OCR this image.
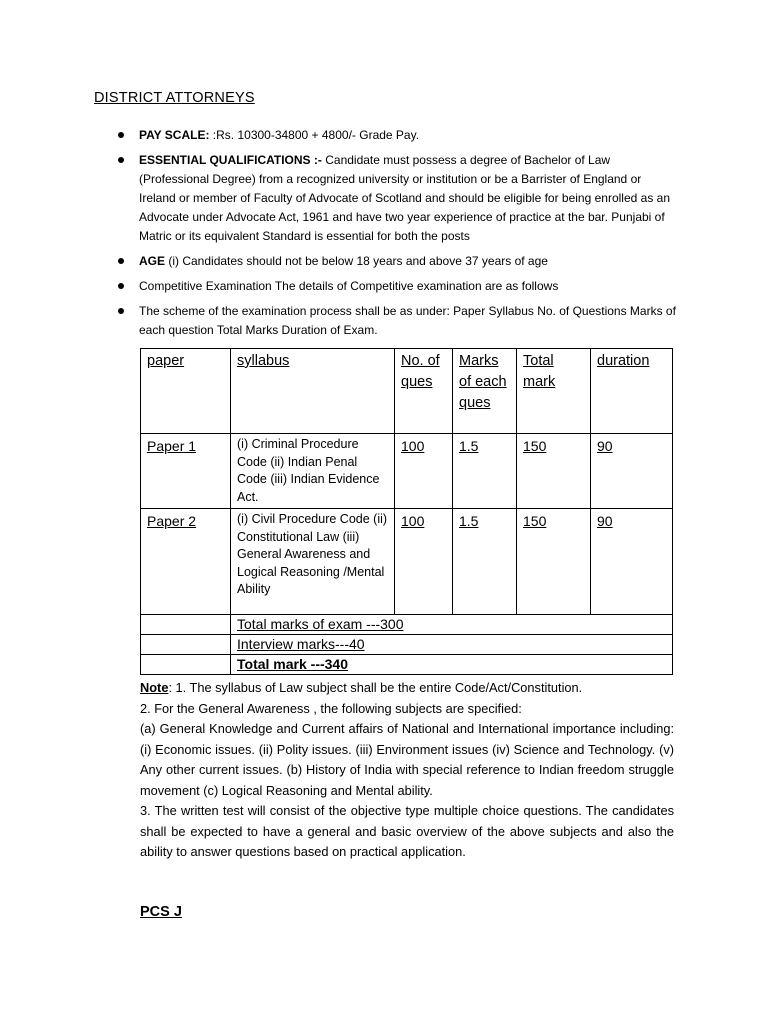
DISTRICT ATTORNEYS
PAY SCALE: :Rs. 10300-34800 + 4800/- Grade Pay.
ESSENTIAL QUALIFICATIONS :- Candidate must possess a degree of Bachelor of Law (Professional Degree) from a recognized university or institution or be a Barrister of England or Ireland or member of Faculty of Advocate of Scotland and should be eligible for being enrolled as an Advocate under Advocate Act, 1961 and have two year experience of practice at the bar. Punjabi of Matric or its equivalent Standard is essential for both the posts
AGE (i) Candidates should not be below 18 years and above 37 years of age
Competitive Examination The details of Competitive examination are as follows
The scheme of the examination process shall be as under: Paper Syllabus No. of Questions Marks of each question Total Marks Duration of Exam.
paper	syllabus	No. of ques	Marks of each ques	Total mark	duration
Paper 1	(i) Criminal Procedure Code (ii) Indian Penal Code (iii) Indian Evidence Act.	100	1.5	150	90
Paper 2	(i) Civil Procedure Code (ii) Constitutional Law (iii) General Awareness and Logical Reasoning /Mental Ability	100	1.5	150	90
	Total marks of exam ---300				
	Interview marks---40				
	Total mark ---340				

Note: 1. The syllabus of Law subject shall be the entire Code/Act/Constitution.

2. For the General Awareness , the following subjects are specified:

(a) General Knowledge and Current affairs of National and International importance including: (i) Economic issues. (ii) Polity issues. (iii) Environment issues (iv) Science and Technology. (v) Any other current issues. (b) History of India with special reference to Indian freedom struggle movement (c) Logical Reasoning and Mental ability.

3. The written test will consist of the objective type multiple choice questions. The candidates shall be expected to have a general and basic overview of the above subjects and also the ability to answer questions based on practical application.

PCS J
